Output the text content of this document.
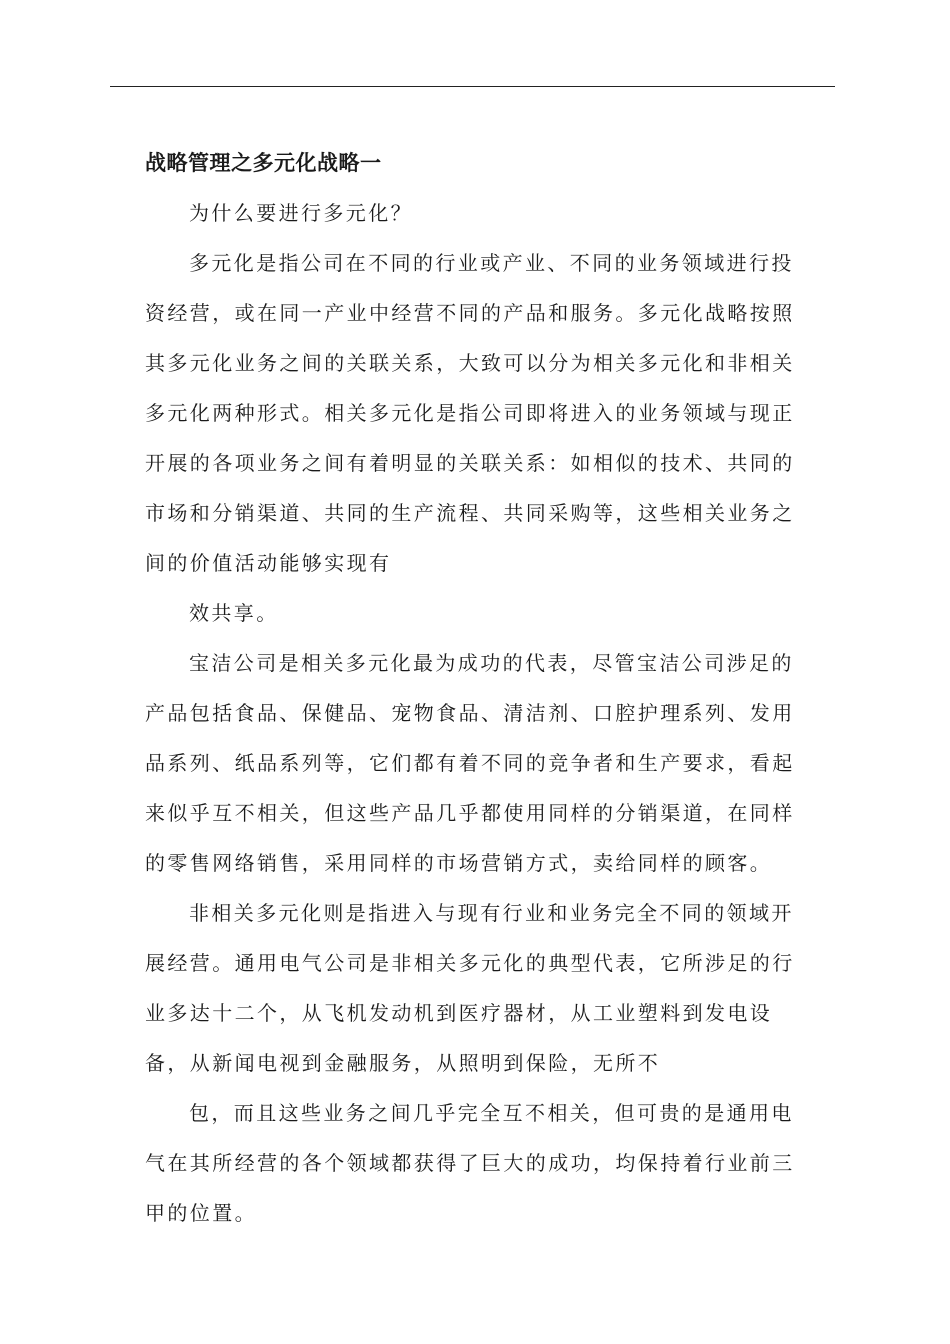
战略管理之多元化战略一

为什么要进行多元化？

多元化是指公司在不同的行业或产业、不同的业务领域进行投

资经营，或在同一产业中经营不同的产品和服务。多元化战略按照

其多元化业务之间的关联关系，大致可以分为相关多元化和非相关

多元化两种形式。相关多元化是指公司即将进入的业务领域与现正

开展的各项业务之间有着明显的关联关系：如相似的技术、共同的

市场和分销渠道、共同的生产流程、共同采购等，这些相关业务之

间的价值活动能够实现有

效共享。

宝洁公司是相关多元化最为成功的代表，尽管宝洁公司涉足的

产品包括食品、保健品、宠物食品、清洁剂、口腔护理系列、发用

品系列、纸品系列等，它们都有着不同的竞争者和生产要求，看起

来似乎互不相关，但这些产品几乎都使用同样的分销渠道，在同样

的零售网络销售，采用同样的市场营销方式，卖给同样的顾客。

非相关多元化则是指进入与现有行业和业务完全不同的领域开

展经营。通用电气公司是非相关多元化的典型代表，它所涉足的行

业多达十二个，从飞机发动机到医疗器材，从工业塑料到发电设

备，从新闻电视到金融服务，从照明到保险，无所不

包，而且这些业务之间几乎完全互不相关，但可贵的是通用电

气在其所经营的各个领域都获得了巨大的成功，均保持着行业前三

甲的位置。
